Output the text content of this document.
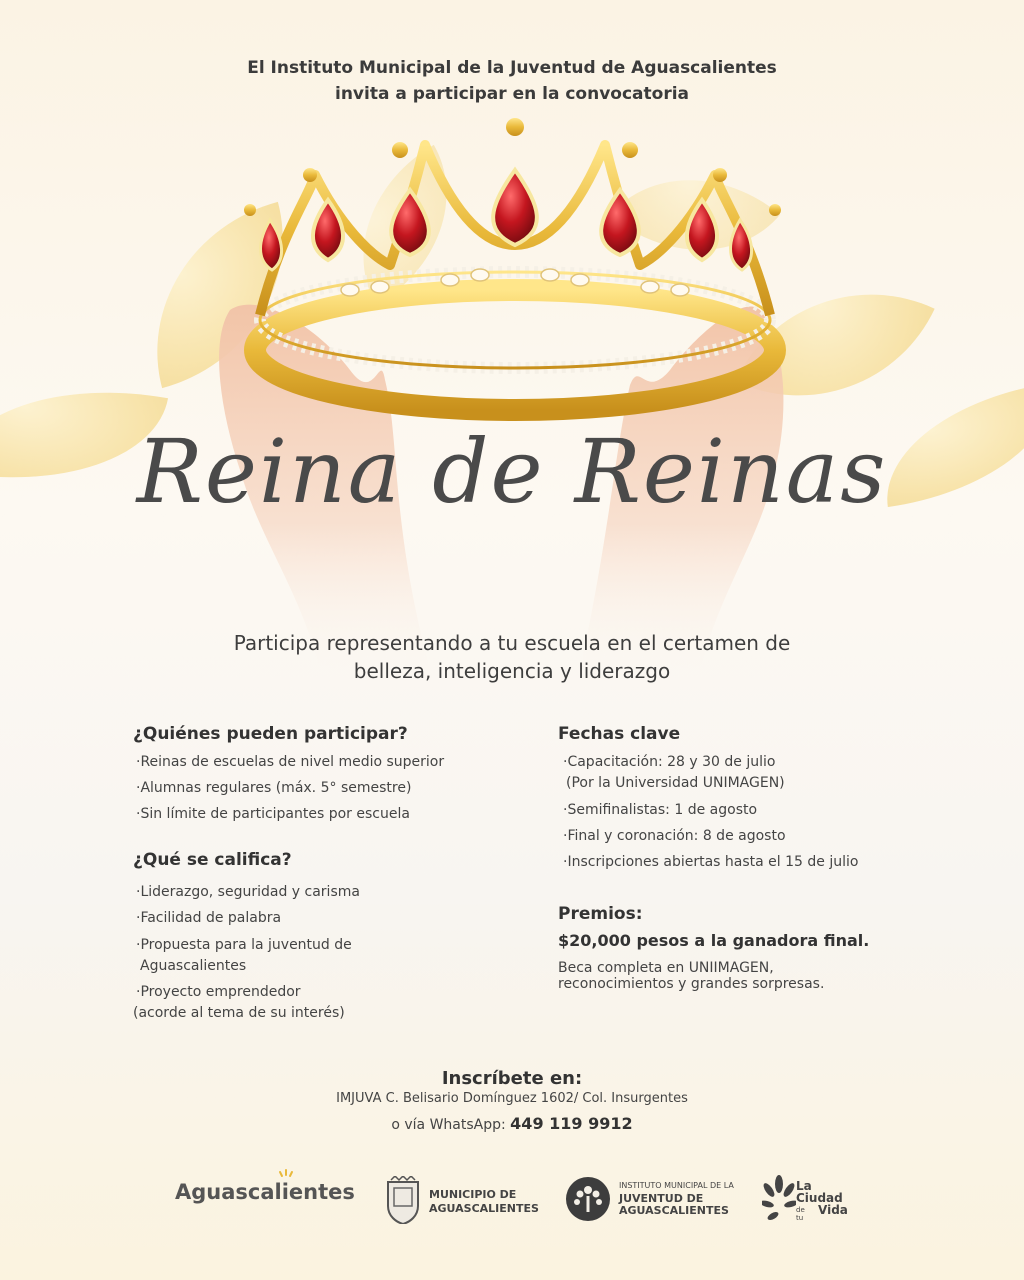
El Instituto Municipal de la Juventud de Aguascalientes
invita a participar en la convocatoria
Reina de Reinas
Participa representando a tu escuela en el certamen de
belleza, inteligencia y liderazgo
¿Quiénes pueden participar?
·Reinas de escuelas de nivel medio superior
·Alumnas regulares (máx. 5° semestre)
·Sin límite de participantes por escuela
¿Qué se califica?
·Liderazgo, seguridad y carisma
·Facilidad de palabra
·Propuesta para la juventud de
Aguascalientes
·Proyecto emprendedor
(acorde al tema de su interés)
Fechas clave
·Capacitación: 28 y 30 de julio
(Por la Universidad UNIMAGEN)
·Semifinalistas: 1 de agosto
·Final y coronación: 8 de agosto
·Inscripciones abiertas hasta el 15 de julio
Premios:
$20,000 pesos a la ganadora final.
Beca completa en UNIIMAGEN,
reconocimientos y grandes sorpresas.
Inscríbete en:
IMJUVA C. Belisario Domínguez 1602/ Col. Insurgentes
o vía WhatsApp: 449 119 9912
Aguascalientes	MUNICIPIO DE
AGUASCALIENTES
INSTITUTO MUNICIPAL DE LA
JUVENTUD DE
AGUASCALIENTES
La
Ciudad
de tu
Vida
